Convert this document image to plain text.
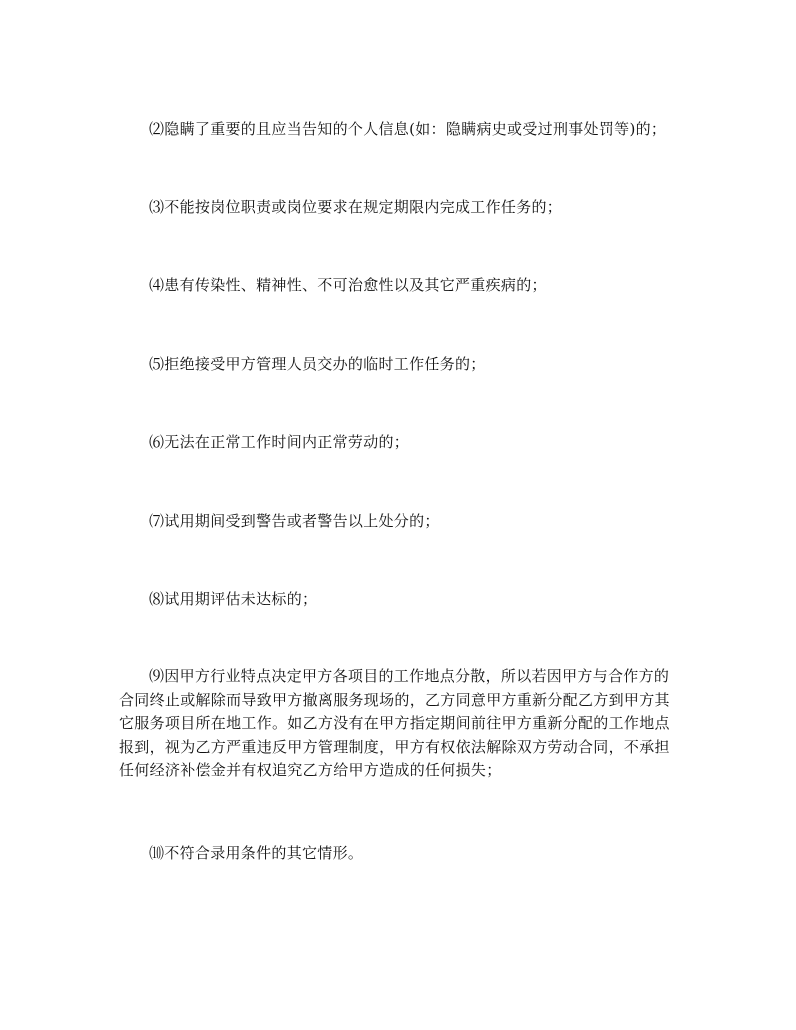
⑵隐瞒了重要的且应当告知的个人信息(如：隐瞒病史或受过刑事处罚等)的；

⑶不能按岗位职责或岗位要求在规定期限内完成工作任务的；

⑷患有传染性、精神性、不可治愈性以及其它严重疾病的；

⑸拒绝接受甲方管理人员交办的临时工作任务的；

⑹无法在正常工作时间内正常劳动的；

⑺试用期间受到警告或者警告以上处分的；

⑻试用期评估未达标的；

⑼因甲方行业特点决定甲方各项目的工作地点分散，所以若因甲方与合作方的合同终止或解除而导致甲方撤离服务现场的，乙方同意甲方重新分配乙方到甲方其它服务项目所在地工作。如乙方没有在甲方指定期间前往甲方重新分配的工作地点报到，视为乙方严重违反甲方管理制度，甲方有权依法解除双方劳动合同，不承担任何经济补偿金并有权追究乙方给甲方造成的任何损失；

⑽不符合录用条件的其它情形。
